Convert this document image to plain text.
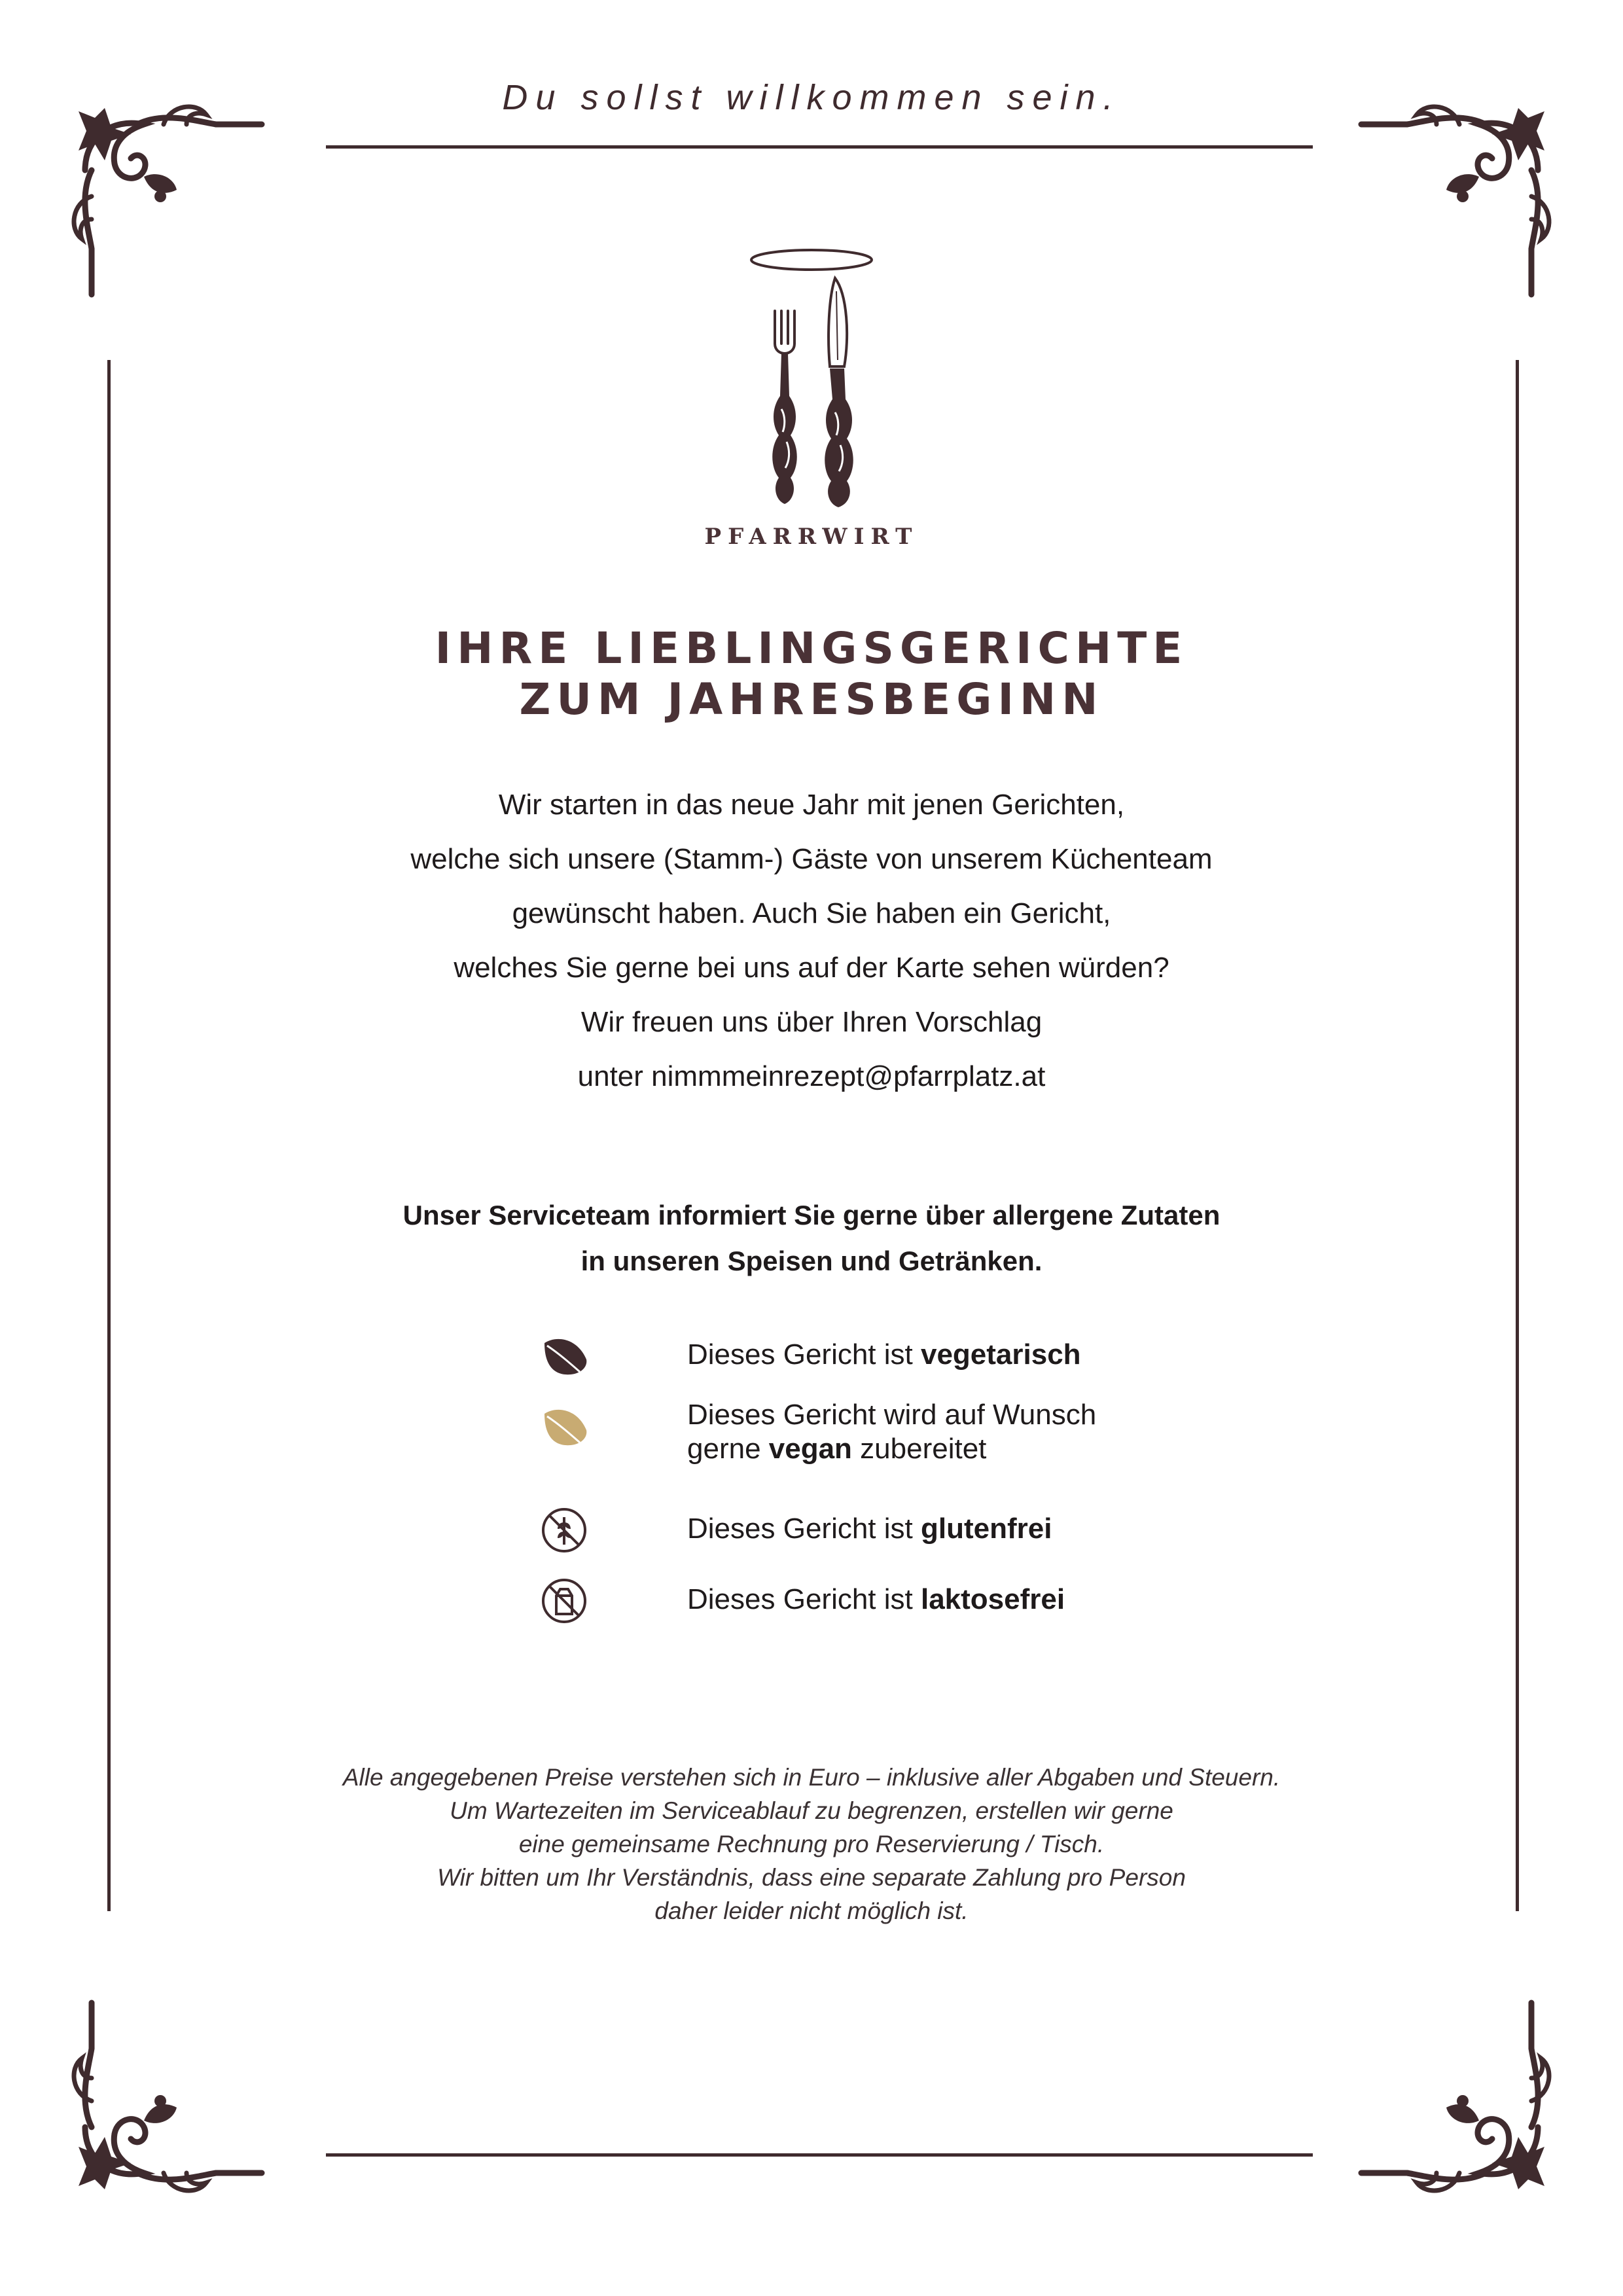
Du sollst willkommen sein.
PFARRWIRT
IHRE LIEBLINGSGERICHTE
ZUM JAHRESBEGINN
Wir starten in das neue Jahr mit jenen Gerichten,
welche sich unsere (Stamm-) Gäste von unserem Küchenteam
gewünscht haben. Auch Sie haben ein Gericht,
welches Sie gerne bei uns auf der Karte sehen würden?
Wir freuen uns über Ihren Vorschlag
unter nimmmeinrezept@pfarrplatz.at
Unser Serviceteam informiert Sie gerne über allergene Zutaten
in unseren Speisen und Getränken.
Dieses Gericht ist vegetarisch
Dieses Gericht wird auf Wunsch
gerne vegan zubereitet
Dieses Gericht ist glutenfrei
Dieses Gericht ist laktosefrei
Alle angegebenen Preise verstehen sich in Euro – inklusive aller Abgaben und Steuern.
Um Wartezeiten im Serviceablauf zu begrenzen, erstellen wir gerne
eine gemeinsame Rechnung pro Reservierung / Tisch.
Wir bitten um Ihr Verständnis, dass eine separate Zahlung pro Person
daher leider nicht möglich ist.
